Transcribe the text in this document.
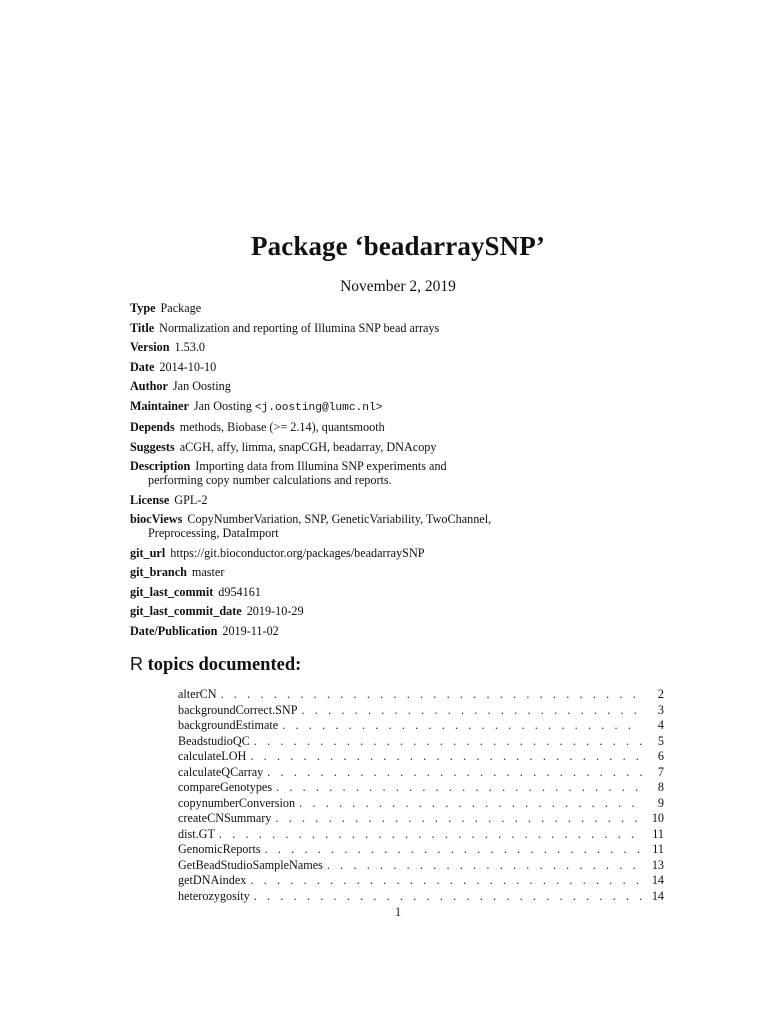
Package ‘beadarraySNP’
November 2, 2019
Type Package
Title Normalization and reporting of Illumina SNP bead arrays
Version 1.53.0
Date 2014-10-10
Author Jan Oosting
Maintainer Jan Oosting <j.oosting@lumc.nl>
Depends methods, Biobase (>= 2.14), quantsmooth
Suggests aCGH, affy, limma, snapCGH, beadarray, DNAcopy
Description Importing data from Illumina SNP experiments and
performing copy number calculations and reports.
License GPL-2
biocViews CopyNumberVariation, SNP, GeneticVariability, TwoChannel,
Preprocessing, DataImport
git_url https://git.bioconductor.org/packages/beadarraySNP
git_branch master
git_last_commit d954161
git_last_commit_date 2019-10-29
Date/Publication 2019-11-02
R topics documented:
alterCN . . .	2
backgroundCorrect.SNP . . .	3
backgroundEstimate . . .	4
BeadstudioQC . . .	5
calculateLOH . . .	6
calculateQCarray . . .	7
compareGenotypes . . .	8
copynumberConversion . . .	9
createCNSummary . . .	10
dist.GT . . .	11
GenomicReports . . .	11
GetBeadStudioSampleNames . . .	13
getDNAindex . . .	14
heterozygosity . . .	14
1
